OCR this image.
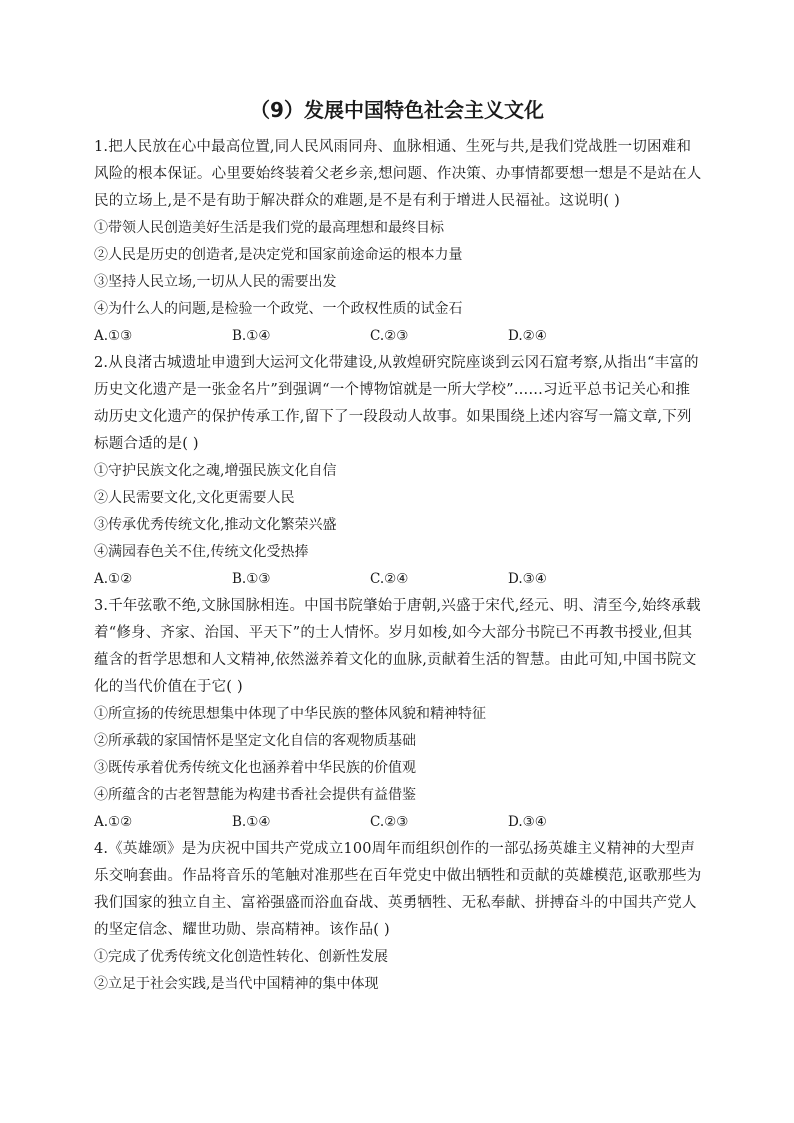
（9）发展中国特色社会主义文化

1.把人民放在心中最高位置,同人民风雨同舟、血脉相通、生死与共,是我们党战胜一切困难和风险的根本保证。心里要始终装着父老乡亲,想问题、作决策、办事情都要想一想是不是站在人民的立场上,是不是有助于解决群众的难题,是不是有利于增进人民福祉。这说明( )

①带领人民创造美好生活是我们党的最高理想和最终目标

②人民是历史的创造者,是决定党和国家前途命运的根本力量

③坚持人民立场,一切从人民的需要出发

④为什么人的问题,是检验一个政党、一个政权性质的试金石

A.①③	B.①④	C.②③	D.②④

2.从良渚古城遗址申遗到大运河文化带建设,从敦煌研究院座谈到云冈石窟考察,从指出“丰富的历史文化遗产是一张金名片”到强调“一个博物馆就是一所大学校”……习近平总书记关心和推动历史文化遗产的保护传承工作,留下了一段段动人故事。如果围绕上述内容写一篇文章,下列标题合适的是( )

①守护民族文化之魂,增强民族文化自信

②人民需要文化,文化更需要人民

③传承优秀传统文化,推动文化繁荣兴盛

④满园春色关不住,传统文化受热捧

A.①②	B.①③	C.②④	D.③④

3.千年弦歌不绝,文脉国脉相连。中国书院肇始于唐朝,兴盛于宋代,经元、明、清至今,始终承载着“修身、齐家、治国、平天下”的士人情怀。岁月如梭,如今大部分书院已不再教书授业,但其蕴含的哲学思想和人文精神,依然滋养着文化的血脉,贡献着生活的智慧。由此可知,中国书院文化的当代价值在于它( )

①所宣扬的传统思想集中体现了中华民族的整体风貌和精神特征

②所承载的家国情怀是坚定文化自信的客观物质基础

③既传承着优秀传统文化也涵养着中华民族的价值观

④所蕴含的古老智慧能为构建书香社会提供有益借鉴

A.①②	B.①④	C.②③	D.③④

4.《英雄颂》是为庆祝中国共产党成立100周年而组织创作的一部弘扬英雄主义精神的大型声乐交响套曲。作品将音乐的笔触对准那些在百年党史中做出牺牲和贡献的英雄模范,讴歌那些为我们国家的独立自主、富裕强盛而浴血奋战、英勇牺牲、无私奉献、拼搏奋斗的中国共产党人的坚定信念、耀世功勋、崇高精神。该作品( )

①完成了优秀传统文化创造性转化、创新性发展

②立足于社会实践,是当代中国精神的集中体现
